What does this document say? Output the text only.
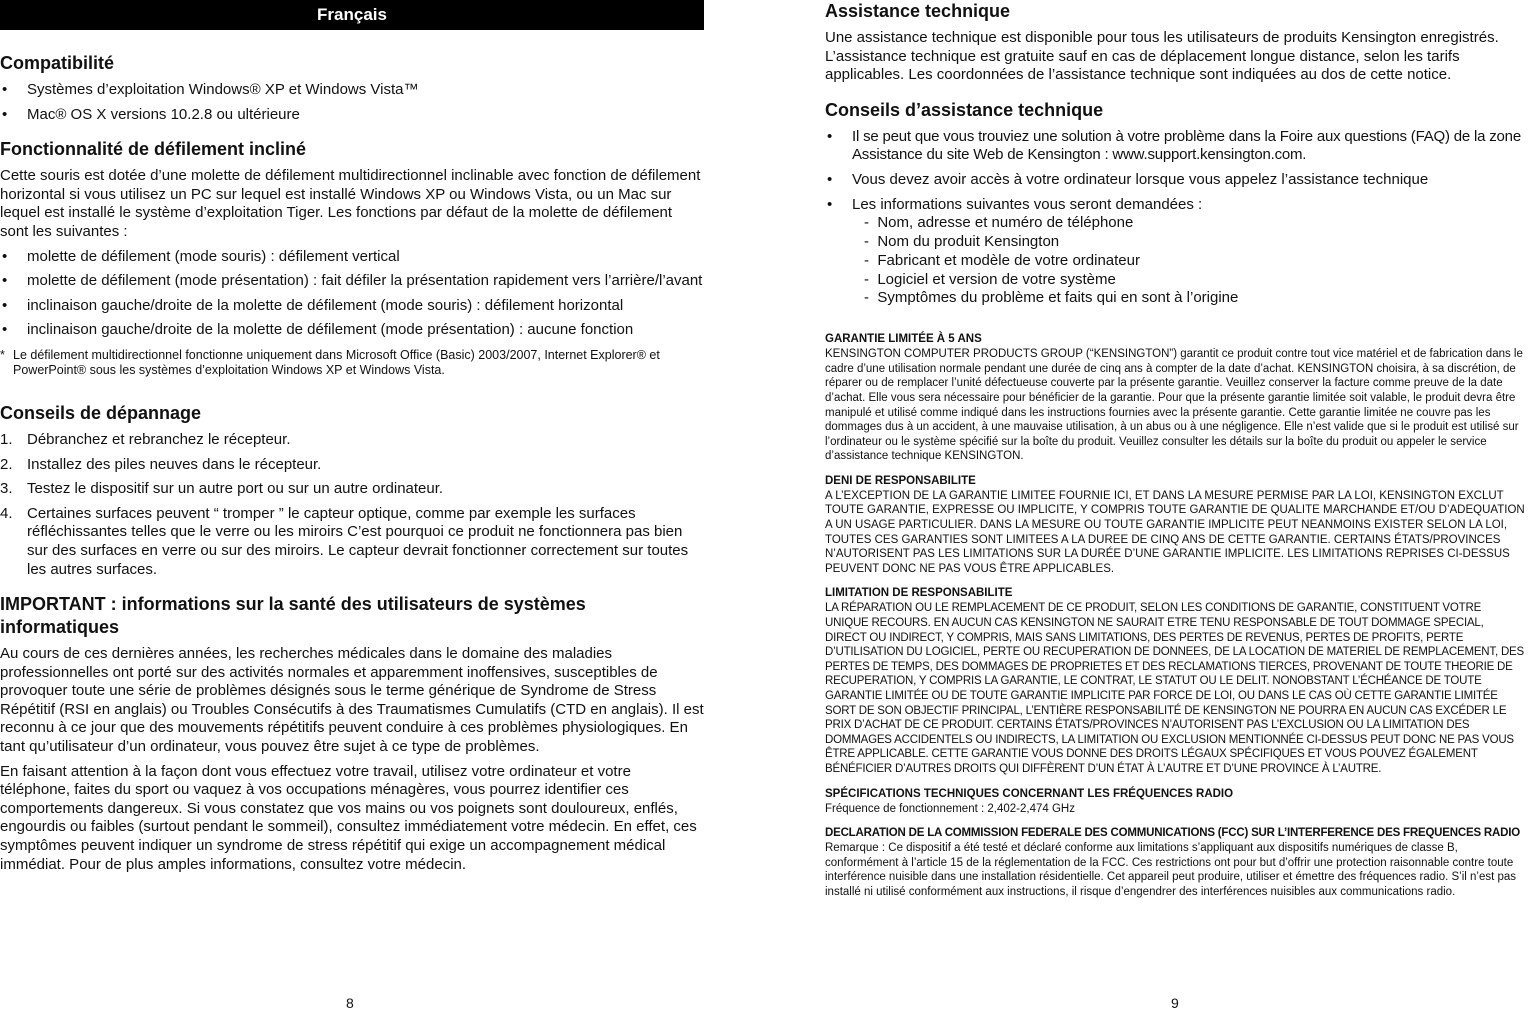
Français
Compatibilité
• Systèmes d’exploitation Windows® XP et Windows Vista™
• Mac® OS X versions 10.2.8 ou ultérieure
Fonctionnalité de défilement incliné

Cette souris est dotée d’une molette de défilement multidirectionnel inclinable avec fonction de défilement horizontal si vous utilisez un PC sur lequel est installé Windows XP ou Windows Vista, ou un Mac sur lequel est installé le système d’exploitation Tiger. Les fonctions par défaut de la molette de défilement sont les suivantes :

• molette de défilement (mode souris) : défilement vertical
• molette de défilement (mode présentation) : fait défiler la présentation rapidement vers l’arrière/l’avant
• inclinaison gauche/droite de la molette de défilement (mode souris) : défilement horizontal
• inclinaison gauche/droite de la molette de défilement (mode présentation) : aucune fonction
* Le défilement multidirectionnel fonctionne uniquement dans Microsoft Office (Basic) 2003/2007, Internet Explorer® et PowerPoint® sous les systèmes d’exploitation Windows XP et Windows Vista.
Conseils de dépannage
1. Débranchez et rebranchez le récepteur.
2. Installez des piles neuves dans le récepteur.
3. Testez le dispositif sur un autre port ou sur un autre ordinateur.
4. Certaines surfaces peuvent “ tromper ” le capteur optique, comme par exemple les surfaces réfléchissantes telles que le verre ou les miroirs C’est pourquoi ce produit ne fonctionnera pas bien sur des surfaces en verre ou sur des miroirs. Le capteur devrait fonctionner correctement sur toutes les autres surfaces.
IMPORTANT : informations sur la santé des utilisateurs de systèmes informatiques

Au cours de ces dernières années, les recherches médicales dans le domaine des maladies professionnelles ont porté sur des activités normales et apparemment inoffensives, susceptibles de provoquer toute une série de problèmes désignés sous le terme générique de Syndrome de Stress Répétitif (RSI en anglais) ou Troubles Consécutifs à des Traumatismes Cumulatifs (CTD en anglais). Il est reconnu à ce jour que des mouvements répétitifs peuvent conduire à ces problèmes physiologiques. En tant qu’utilisateur d’un ordinateur, vous pouvez être sujet à ce type de problèmes.

En faisant attention à la façon dont vous effectuez votre travail, utilisez votre ordinateur et votre téléphone, faites du sport ou vaquez à vos occupations ménagères, vous pourrez identifier ces comportements dangereux. Si vous constatez que vos mains ou vos poignets sont douloureux, enflés, engourdis ou faibles (surtout pendant le sommeil), consultez immédiatement votre médecin. En effet, ces symptômes peuvent indiquer un syndrome de stress répétitif qui exige un accompagnement médical immédiat. Pour de plus amples informations, consultez votre médecin.

8
Assistance technique

Une assistance technique est disponible pour tous les utilisateurs de produits Kensington enregistrés. L’assistance technique est gratuite sauf en cas de déplacement longue distance, selon les tarifs applicables. Les coordonnées de l’assistance technique sont indiquées au dos de cette notice.

Conseils d’assistance technique
• Il se peut que vous trouviez une solution à votre problème dans la Foire aux questions (FAQ) de la zone Assistance du site Web de Kensington : www.support.kensington.com.
• Vous devez avoir accès à votre ordinateur lorsque vous appelez l’assistance technique
• Les informations suivantes vous seront demandées :
- Nom, adresse et numéro de téléphone
- Nom du produit Kensington
- Fabricant et modèle de votre ordinateur
- Logiciel et version de votre système
- Symptômes du problème et faits qui en sont à l’origine
GARANTIE LIMITÉE À 5 ANS

KENSINGTON COMPUTER PRODUCTS GROUP (“KENSINGTON”) garantit ce produit contre tout vice matériel et de fabrication dans le cadre d’une utilisation normale pendant une durée de cinq ans à compter de la date d’achat. KENSINGTON choisira, à sa discrétion, de réparer ou de remplacer l’unité défectueuse couverte par la présente garantie. Veuillez conserver la facture comme preuve de la date d’achat. Elle vous sera nécessaire pour bénéficier de la garantie. Pour que la présente garantie limitée soit valable, le produit devra être manipulé et utilisé comme indiqué dans les instructions fournies avec la présente garantie. Cette garantie limitée ne couvre pas les dommages dus à un accident, à une mauvaise utilisation, à un abus ou à une négligence. Elle n’est valide que si le produit est utilisé sur l’ordinateur ou le système spécifié sur la boîte du produit. Veuillez consulter les détails sur la boîte du produit ou appeler le service d’assistance technique KENSINGTON.

DENI DE RESPONSABILITE

A L’EXCEPTION DE LA GARANTIE LIMITEE FOURNIE ICI, ET DANS LA MESURE PERMISE PAR LA LOI, KENSINGTON EXCLUT TOUTE GARANTIE, EXPRESSE OU IMPLICITE, Y COMPRIS TOUTE GARANTIE DE QUALITE MARCHANDE ET/OU D’ADEQUATION A UN USAGE PARTICULIER. DANS LA MESURE OU TOUTE GARANTIE IMPLICITE PEUT NEANMOINS EXISTER SELON LA LOI, TOUTES CES GARANTIES SONT LIMITEES A LA DUREE DE CINQ ANS DE CETTE GARANTIE. CERTAINS ÉTATS/PROVINCES N’AUTORISENT PAS LES LIMITATIONS SUR LA DURÉE D’UNE GARANTIE IMPLICITE. LES LIMITATIONS REPRISES CI-DESSUS PEUVENT DONC NE PAS VOUS ÊTRE APPLICABLES.

LIMITATION DE RESPONSABILITE

LA RÉPARATION OU LE REMPLACEMENT DE CE PRODUIT, SELON LES CONDITIONS DE GARANTIE, CONSTITUENT VOTRE UNIQUE RECOURS. EN AUCUN CAS KENSINGTON NE SAURAIT ETRE TENU RESPONSABLE DE TOUT DOMMAGE SPECIAL, DIRECT OU INDIRECT, Y COMPRIS, MAIS SANS LIMITATIONS, DES PERTES DE REVENUS, PERTES DE PROFITS, PERTE D’UTILISATION DU LOGICIEL, PERTE OU RECUPERATION DE DONNEES, DE LA LOCATION DE MATERIEL DE REMPLACEMENT, DES PERTES DE TEMPS, DES DOMMAGES DE PROPRIETES ET DES RECLAMATIONS TIERCES, PROVENANT DE TOUTE THEORIE DE RECUPERATION, Y COMPRIS LA GARANTIE, LE CONTRAT, LE STATUT OU LE DELIT. NONOBSTANT L’ÉCHÉANCE DE TOUTE GARANTIE LIMITÉE OU DE TOUTE GARANTIE IMPLICITE PAR FORCE DE LOI, OU DANS LE CAS OÙ CETTE GARANTIE LIMITÉE SORT DE SON OBJECTIF PRINCIPAL, L’ENTIÈRE RESPONSABILITÉ DE KENSINGTON NE POURRA EN AUCUN CAS EXCÉDER LE PRIX D’ACHAT DE CE PRODUIT. CERTAINS ÉTATS/PROVINCES N’AUTORISENT PAS L’EXCLUSION OU LA LIMITATION DES DOMMAGES ACCIDENTELS OU INDIRECTS, LA LIMITATION OU EXCLUSION MENTIONNÉE CI-DESSUS PEUT DONC NE PAS VOUS ÊTRE APPLICABLE. CETTE GARANTIE VOUS DONNE DES DROITS LÉGAUX SPÉCIFIQUES ET VOUS POUVEZ ÉGALEMENT BÉNÉFICIER D’AUTRES DROITS QUI DIFFÈRENT D’UN ÉTAT À L’AUTRE ET D’UNE PROVINCE À L’AUTRE.

SPÉCIFICATIONS TECHNIQUES CONCERNANT LES FRÉQUENCES RADIO

Fréquence de fonctionnement : 2,402-2,474 GHz

DECLARATION DE LA COMMISSION FEDERALE DES COMMUNICATIONS (FCC) SUR L’INTERFERENCE DES FREQUENCES RADIO

Remarque : Ce dispositif a été testé et déclaré conforme aux limitations s’appliquant aux dispositifs numériques de classe B, conformément à l’article 15 de la réglementation de la FCC. Ces restrictions ont pour but d’offrir une protection raisonnable contre toute interférence nuisible dans une installation résidentielle. Cet appareil peut produire, utiliser et émettre des fréquences radio. S’il n’est pas installé ni utilisé conformément aux instructions, il risque d’engendrer des interférences nuisibles aux communications radio.

9
